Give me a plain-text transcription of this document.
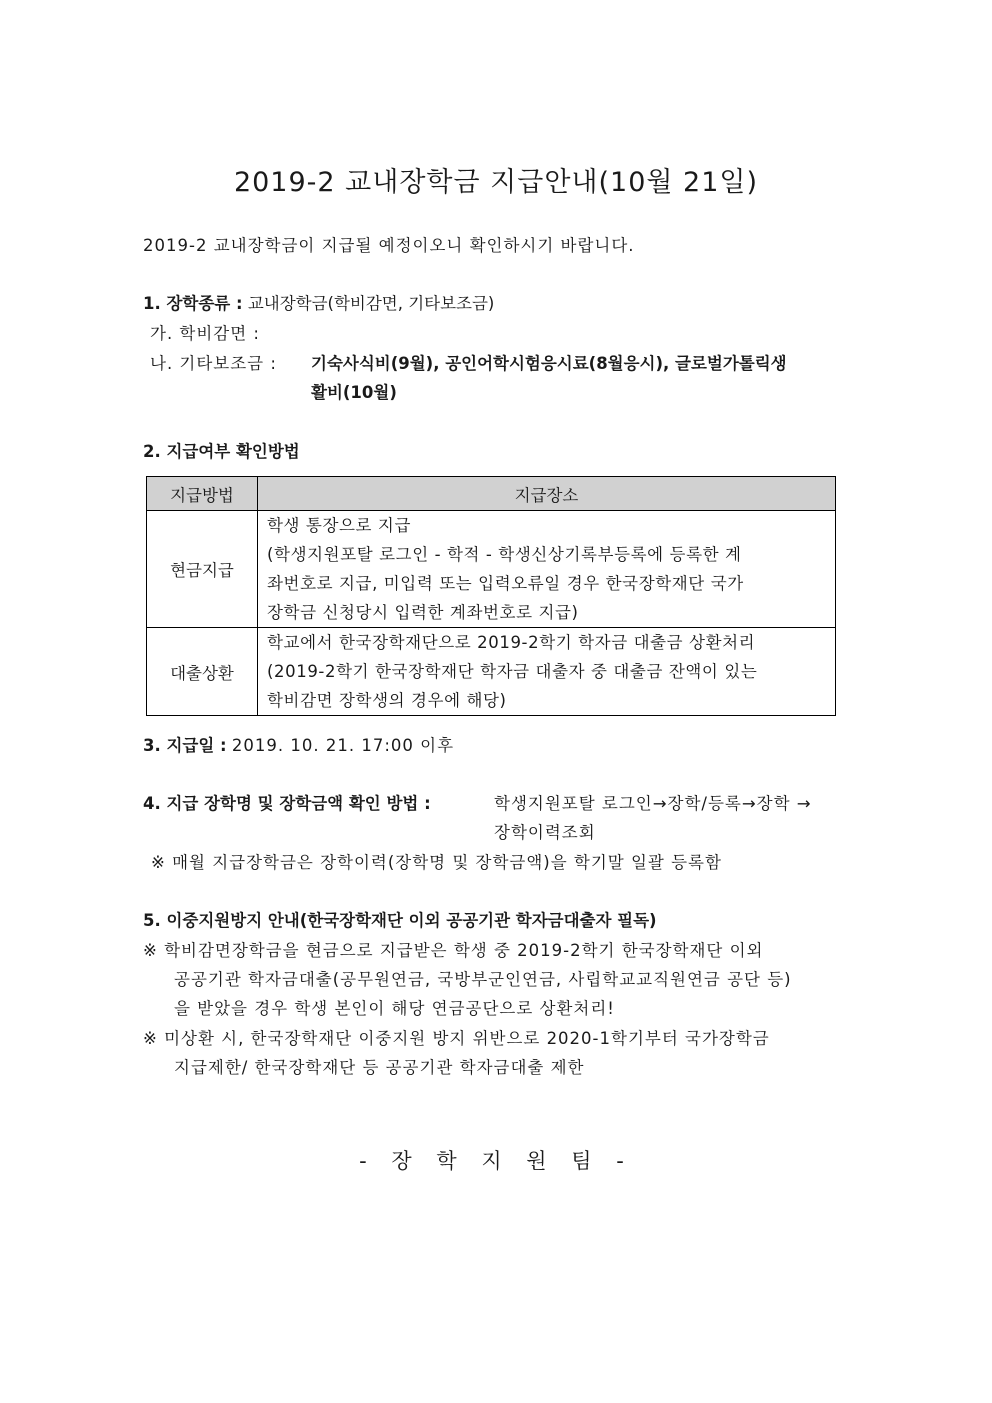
2019-2 교내장학금 지급안내(10월 21일)
2019-2 교내장학금이 지급될 예정이오니 확인하시기 바랍니다.
1. 장학종류 : 교내장학금(학비감면, 기타보조금)
가. 학비감면 :
나. 기타보조금 : 기숙사식비(9월), 공인어학시험응시료(8월응시), 글로벌가톨릭생
활비(10월)
2. 지급여부 확인방법
지급방법	지급장소
현금지급	학생 통장으로 지급
(학생지원포탈 로그인 - 학적 - 학생신상기록부등록에 등록한 계
좌번호로 지급, 미입력 또는 입력오류일 경우 한국장학재단 국가
장학금 신청당시 입력한 계좌번호로 지급)

대출상환	학교에서 한국장학재단으로 2019-2학기 학자금 대출금 상환처리
(2019-2학기 한국장학재단 학자금 대출자 중 대출금 잔액이 있는
학비감면 장학생의 경우에 해당)
3. 지급일 : 2019. 10. 21. 17:00 이후
4. 지급 장학명 및 장학금액 확인 방법 :	학생지원포탈 로그인→장학/등록→장학 →
장학이력조회
※ 매월 지급장학금은 장학이력(장학명 및 장학금액)을 학기말 일괄 등록함
5. 이중지원방지 안내(한국장학재단 이외 공공기관 학자금대출자 필독)
※ 학비감면장학금을 현금으로 지급받은 학생 중 2019-2학기 한국장학재단 이외
공공기관 학자금대출(공무원연금, 국방부군인연금, 사립학교교직원연금 공단 등)
을 받았을 경우 학생 본인이 해당 연금공단으로 상환처리!
※ 미상환 시, 한국장학재단 이중지원 방지 위반으로 2020-1학기부터 국가장학금
지급제한/ 한국장학재단 등 공공기관 학자금대출 제한
- 장 학 지 원 팀 -
